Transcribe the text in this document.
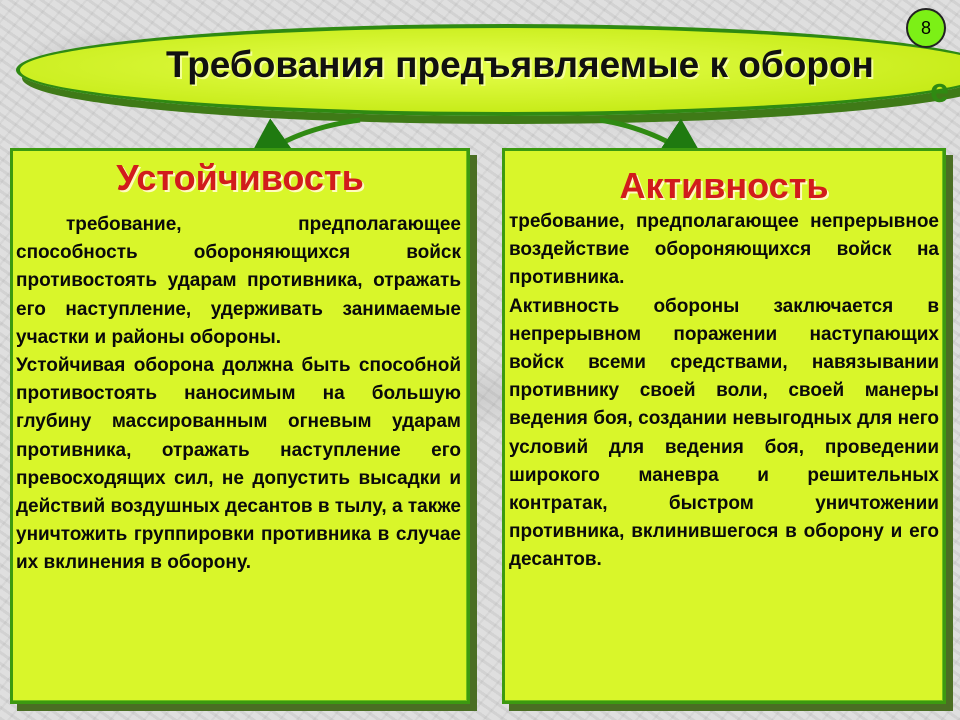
Требования предъявляемые к оборон
е
8
Устойчивость

требование, предполагающее способность обороняющихся войск противостоять ударам противника, отражать его наступление, удерживать занимаемые участки и районы обороны.

Устойчивая оборона должна быть способной противостоять наносимым на большую глубину массированным огневым ударам противника, отражать наступление его превосходящих сил, не допустить высадки и действий воздушных десантов в тылу, а также уничтожить группировки противника в случае их вклинения в оборону.

Активность

требование, предполагающее непрерывное воздействие обороняющихся войск на противника.

Активность обороны заключается в непрерывном поражении наступающих войск всеми средствами, навязывании противнику своей воли, своей манеры ведения боя, создании невыгодных для него условий для ведения боя, проведении широкого маневра и решительных контратак, быстром уничтожении противника, вклинившегося в оборону и его десантов.
